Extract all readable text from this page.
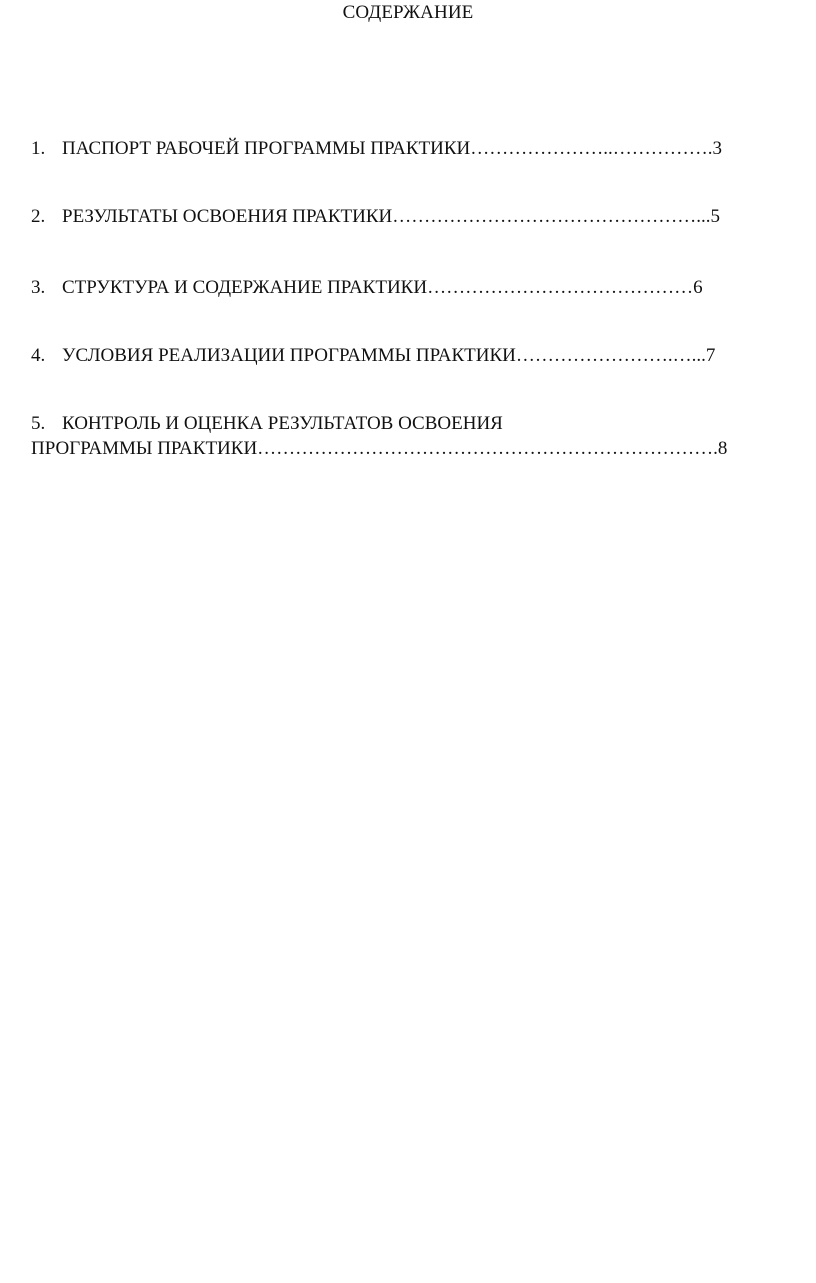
СОДЕРЖАНИЕ
1. ПАСПОРТ РАБОЧЕЙ ПРОГРАММЫ ПРАКТИКИ…………………..…………….3
2. РЕЗУЛЬТАТЫ ОСВОЕНИЯ ПРАКТИКИ…………………………………………...5
3. СТРУКТУРА И СОДЕРЖАНИЕ ПРАКТИКИ……………………………………6
4. УСЛОВИЯ РЕАЛИЗАЦИИ ПРОГРАММЫ ПРАКТИКИ…………………….…...7
5. КОНТРОЛЬ И ОЦЕНКА РЕЗУЛЬТАТОВ ОСВОЕНИЯ
ПРОГРАММЫ ПРАКТИКИ……………………………………………………………….8
